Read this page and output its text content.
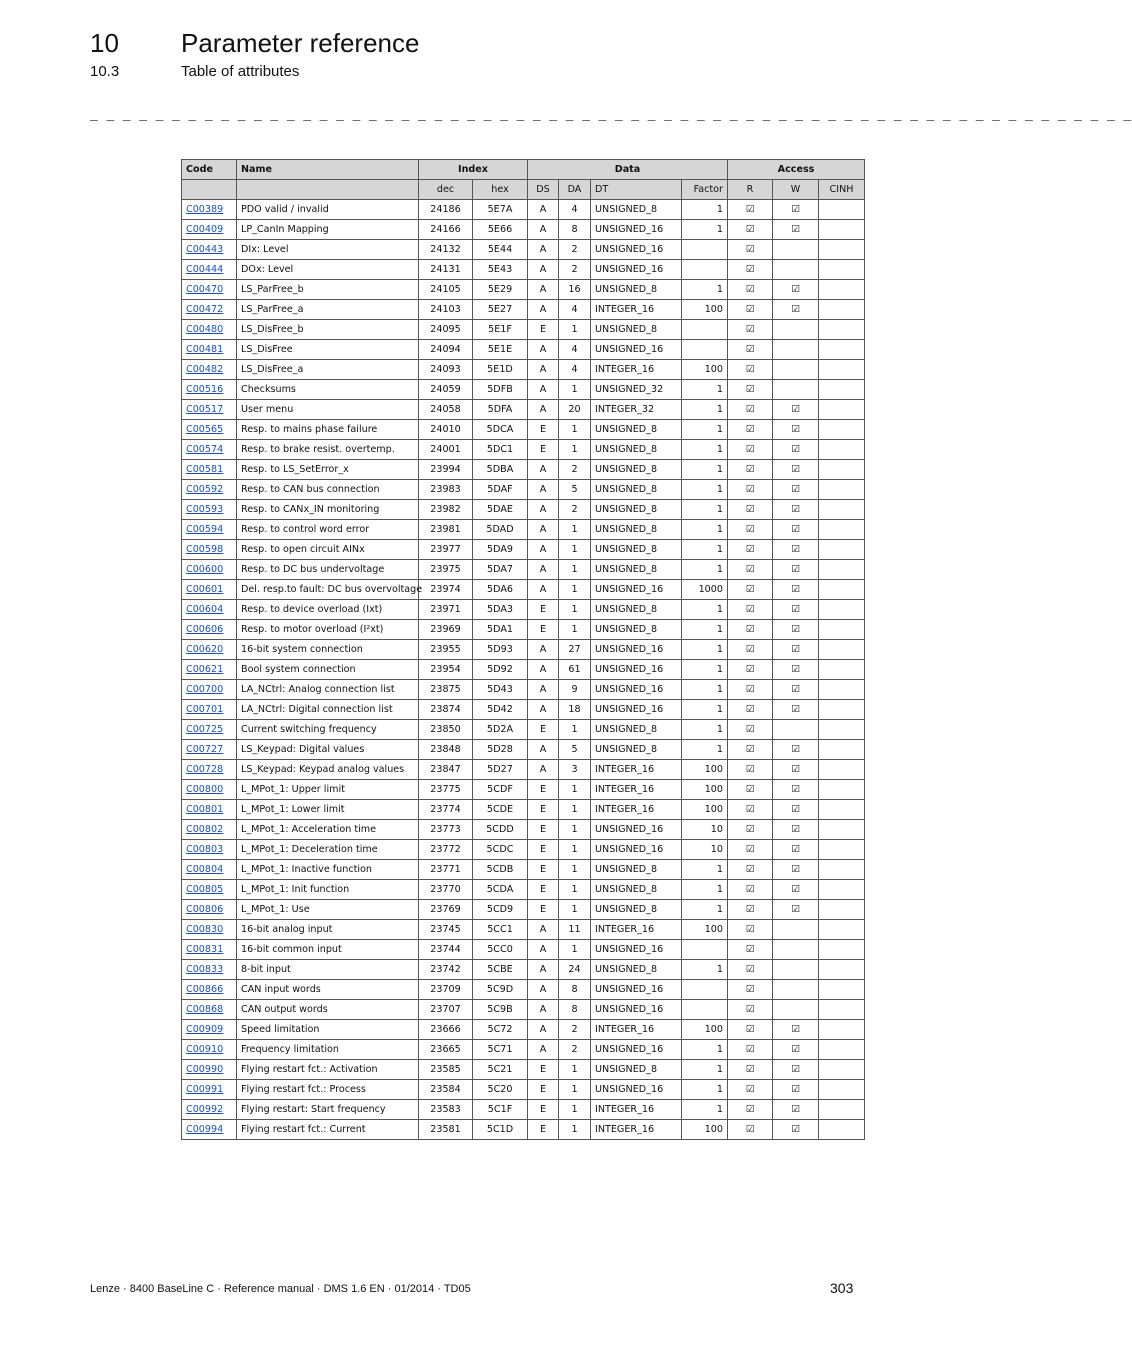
10 Parameter reference
10.3	Table of attributes
_ _ _ _ _ _ _ _ _ _ _ _ _ _ _ _ _ _ _ _ _ _ _ _ _ _ _ _ _ _ _ _ _ _ _ _ _ _ _ _ _ _ _ _ _ _ _ _ _ _ _ _ _ _ _ _ _ _ _ _ _ _ _ _
Code	Name	Index		Data				Access		
		dec	hex	DS	DA	DT	Factor	R	W	CINH
C00389	PDO valid / invalid	24186	5E7A	A	4	UNSIGNED_8	1	☑	☑	
C00409	LP_CanIn Mapping	24166	5E66	A	8	UNSIGNED_16	1	☑	☑	
C00443	DIx: Level	24132	5E44	A	2	UNSIGNED_16		☑		
C00444	DOx: Level	24131	5E43	A	2	UNSIGNED_16		☑		
C00470	LS_ParFree_b	24105	5E29	A	16	UNSIGNED_8	1	☑	☑	
C00472	LS_ParFree_a	24103	5E27	A	4	INTEGER_16	100	☑	☑	
C00480	LS_DisFree_b	24095	5E1F	E	1	UNSIGNED_8		☑		
C00481	LS_DisFree	24094	5E1E	A	4	UNSIGNED_16		☑		
C00482	LS_DisFree_a	24093	5E1D	A	4	INTEGER_16	100	☑		
C00516	Checksums	24059	5DFB	A	1	UNSIGNED_32	1	☑		
C00517	User menu	24058	5DFA	A	20	INTEGER_32	1	☑	☑	
C00565	Resp. to mains phase failure	24010	5DCA	E	1	UNSIGNED_8	1	☑	☑	
C00574	Resp. to brake resist. overtemp.	24001	5DC1	E	1	UNSIGNED_8	1	☑	☑	
C00581	Resp. to LS_SetError_x	23994	5DBA	A	2	UNSIGNED_8	1	☑	☑	
C00592	Resp. to CAN bus connection	23983	5DAF	A	5	UNSIGNED_8	1	☑	☑	
C00593	Resp. to CANx_IN monitoring	23982	5DAE	A	2	UNSIGNED_8	1	☑	☑	
C00594	Resp. to control word error	23981	5DAD	A	1	UNSIGNED_8	1	☑	☑	
C00598	Resp. to open circuit AINx	23977	5DA9	A	1	UNSIGNED_8	1	☑	☑	
C00600	Resp. to DC bus undervoltage	23975	5DA7	A	1	UNSIGNED_8	1	☑	☑	
C00601	Del. resp.to fault: DC bus overvoltage	23974	5DA6	A	1	UNSIGNED_16	1000	☑	☑	
C00604	Resp. to device overload (Ixt)	23971	5DA3	E	1	UNSIGNED_8	1	☑	☑	
C00606	Resp. to motor overload (I²xt)	23969	5DA1	E	1	UNSIGNED_8	1	☑	☑	
C00620	16-bit system connection	23955	5D93	A	27	UNSIGNED_16	1	☑	☑	
C00621	Bool system connection	23954	5D92	A	61	UNSIGNED_16	1	☑	☑	
C00700	LA_NCtrl: Analog connection list	23875	5D43	A	9	UNSIGNED_16	1	☑	☑	
C00701	LA_NCtrl: Digital connection list	23874	5D42	A	18	UNSIGNED_16	1	☑	☑	
C00725	Current switching frequency	23850	5D2A	E	1	UNSIGNED_8	1	☑		
C00727	LS_Keypad: Digital values	23848	5D28	A	5	UNSIGNED_8	1	☑	☑	
C00728	LS_Keypad: Keypad analog values	23847	5D27	A	3	INTEGER_16	100	☑	☑	
C00800	L_MPot_1: Upper limit	23775	5CDF	E	1	INTEGER_16	100	☑	☑	
C00801	L_MPot_1: Lower limit	23774	5CDE	E	1	INTEGER_16	100	☑	☑	
C00802	L_MPot_1: Acceleration time	23773	5CDD	E	1	UNSIGNED_16	10	☑	☑	
C00803	L_MPot_1: Deceleration time	23772	5CDC	E	1	UNSIGNED_16	10	☑	☑	
C00804	L_MPot_1: Inactive function	23771	5CDB	E	1	UNSIGNED_8	1	☑	☑	
C00805	L_MPot_1: Init function	23770	5CDA	E	1	UNSIGNED_8	1	☑	☑	
C00806	L_MPot_1: Use	23769	5CD9	E	1	UNSIGNED_8	1	☑	☑	
C00830	16-bit analog input	23745	5CC1	A	11	INTEGER_16	100	☑		
C00831	16-bit common input	23744	5CC0	A	1	UNSIGNED_16		☑		
C00833	8-bit input	23742	5CBE	A	24	UNSIGNED_8	1	☑		
C00866	CAN input words	23709	5C9D	A	8	UNSIGNED_16		☑		
C00868	CAN output words	23707	5C9B	A	8	UNSIGNED_16		☑		
C00909	Speed limitation	23666	5C72	A	2	INTEGER_16	100	☑	☑	
C00910	Frequency limitation	23665	5C71	A	2	UNSIGNED_16	1	☑	☑	
C00990	Flying restart fct.: Activation	23585	5C21	E	1	UNSIGNED_8	1	☑	☑	
C00991	Flying restart fct.: Process	23584	5C20	E	1	UNSIGNED_16	1	☑	☑	
C00992	Flying restart: Start frequency	23583	5C1F	E	1	INTEGER_16	1	☑	☑	
C00994	Flying restart fct.: Current	23581	5C1D	E	1	INTEGER_16	100	☑	☑	
Lenze · 8400 BaseLine C · Reference manual · DMS 1.6 EN · 01/2014 · TD05	303
